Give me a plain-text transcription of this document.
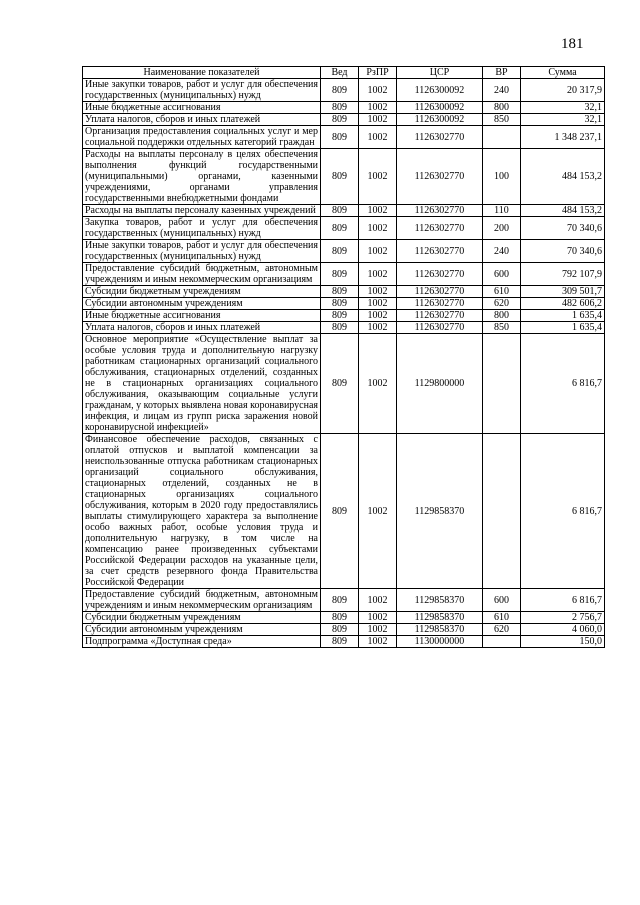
181
Наименование показателей	Вед	РзПР	ЦСР	ВР	Сумма
Иные закупки товаров, работ и услуг для обеспечения государственных (муниципальных) нужд	809	1002	1126300092	240	20 317,9
Иные бюджетные ассигнования	809	1002	1126300092	800	32,1
Уплата налогов, сборов и иных платежей	809	1002	1126300092	850	32,1
Организация предоставления социальных услуг и мер социальной поддержки отдельных категорий граждан	809	1002	1126302770		1 348 237,1
Расходы на выплаты персоналу в целях обеспечения выполнения функций государственными (муниципальными) органами, казенными учреждениями, органами управления государственными внебюджетными фондами	809	1002	1126302770	100	484 153,2
Расходы на выплаты персоналу казенных учреждений	809	1002	1126302770	110	484 153,2
Закупка товаров, работ и услуг для обеспечения государственных (муниципальных) нужд	809	1002	1126302770	200	70 340,6
Иные закупки товаров, работ и услуг для обеспечения государственных (муниципальных) нужд	809	1002	1126302770	240	70 340,6
Предоставление субсидий бюджетным, автономным учреждениям и иным некоммерческим организациям	809	1002	1126302770	600	792 107,9
Субсидии бюджетным учреждениям	809	1002	1126302770	610	309 501,7
Субсидии автономным учреждениям	809	1002	1126302770	620	482 606,2
Иные бюджетные ассигнования	809	1002	1126302770	800	1 635,4
Уплата налогов, сборов и иных платежей	809	1002	1126302770	850	1 635,4
Основное мероприятие «Осуществление выплат за особые условия труда и дополнительную нагрузку работникам стационарных организаций социального обслуживания, стационарных отделений, созданных не в стационарных организациях социального обслуживания, оказывающим социальные услуги гражданам, у которых выявлена новая коронавирусная инфекция, и лицам из групп риска заражения новой коронавирусной инфекцией»	809	1002	1129800000		6 816,7
Финансовое обеспечение расходов, связанных с оплатой отпусков и выплатой компенсации за неиспользованные отпуска работникам стационарных организаций социального обслуживания, стационарных отделений, созданных не в стационарных организациях социального обслуживания, которым в 2020 году предоставлялись выплаты стимулирующего характера за выполнение особо важных работ, особые условия труда и дополнительную нагрузку, в том числе на компенсацию ранее произведенных субъектами Российской Федерации расходов на указанные цели, за счет средств резервного фонда Правительства Российской Федерации	809	1002	1129858370		6 816,7
Предоставление субсидий бюджетным, автономным учреждениям и иным некоммерческим организациям	809	1002	1129858370	600	6 816,7
Субсидии бюджетным учреждениям	809	1002	1129858370	610	2 756,7
Субсидии автономным учреждениям	809	1002	1129858370	620	4 060,0
Подпрограмма «Доступная среда»	809	1002	1130000000		150,0
